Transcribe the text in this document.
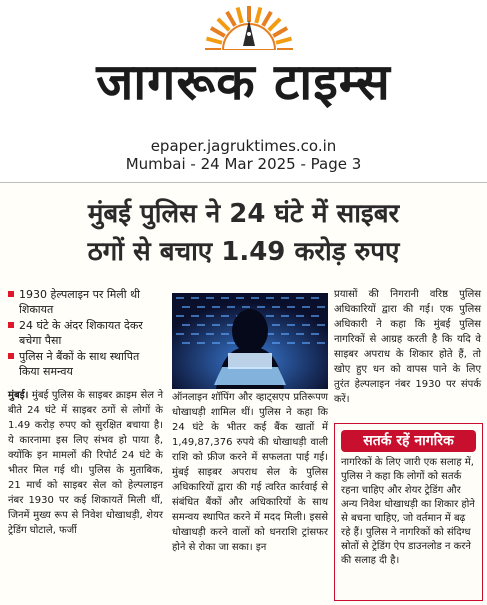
जागरूक टाइम्स
epaper.jagruktimes.co.in
Mumbai - 24 Mar 2025 - Page 3
मुंबई पुलिस ने 24 घंटे में साइबर
ठगों से बचाए 1.49 करोड़ रुपए
1930 हेल्पलाइन पर मिली थी शिकायत
24 घंटे के अंदर शिकायत देकर बचेगा पैसा
पुलिस ने बैंकों के साथ स्थापित किया समन्वय
मुंबई। मुंबई पुलिस के साइबर क्राइम सेल ने बीते 24 घंटे में साइबर ठगों से लोगों के 1.49 करोड़ रुपए को सुरक्षित बचाया है। ये कारनामा इस लिए संभव हो पाया है, क्योंकि इन मामलों की रिपोर्ट 24 घंटे के भीतर मिल गई थी। पुलिस के मुताबिक, 21 मार्च को साइबर सेल को हेल्पलाइन नंबर 1930 पर कई शिकायतें मिली थीं, जिनमें मुख्य रूप से निवेश धोखाधड़ी, शेयर ट्रेडिंग घोटाले, फर्जी
ऑनलाइन शॉपिंग और व्हाट्सएप प्रतिरूपण धोखाधड़ी शामिल थीं। पुलिस ने कहा कि 24 घंटे के भीतर कई बैंक खातों में 1,49,87,376 रुपये की धोखाधड़ी वाली राशि को फ्रीज करने में सफलता पाई गई। मुंबई साइबर अपराध सेल के पुलिस अधिकारियों द्वारा की गई त्वरित कार्रवाई से संबंधित बैंकों और अधिकारियों के साथ समन्वय स्थापित करने में मदद मिली। इससे धोखाधड़ी करने वालों को धनराशि ट्रांसफर होने से रोका जा सका। इन
प्रयासों की निगरानी वरिष्ठ पुलिस अधिकारियों द्वारा की गई। एक पुलिस अधिकारी ने कहा कि मुंबई पुलिस नागरिकों से आग्रह करती है कि यदि वे साइबर अपराध के शिकार होते हैं, तो खोए हुए धन को वापस पाने के लिए तुरंत हेल्पलाइन नंबर 1930 पर संपर्क करें।
सतर्क रहें नागरिक
नागरिकों के लिए जारी एक सलाह में, पुलिस ने कहा कि लोगों को सतर्क रहना चाहिए और शेयर ट्रेडिंग और अन्य निवेश धोखाधड़ी का शिकार होने से बचना चाहिए, जो वर्तमान में बढ़ रहे हैं। पुलिस ने नागरिकों को संदिग्ध स्रोतों से ट्रेडिंग ऐप डाउनलोड न करने की सलाह दी है।
